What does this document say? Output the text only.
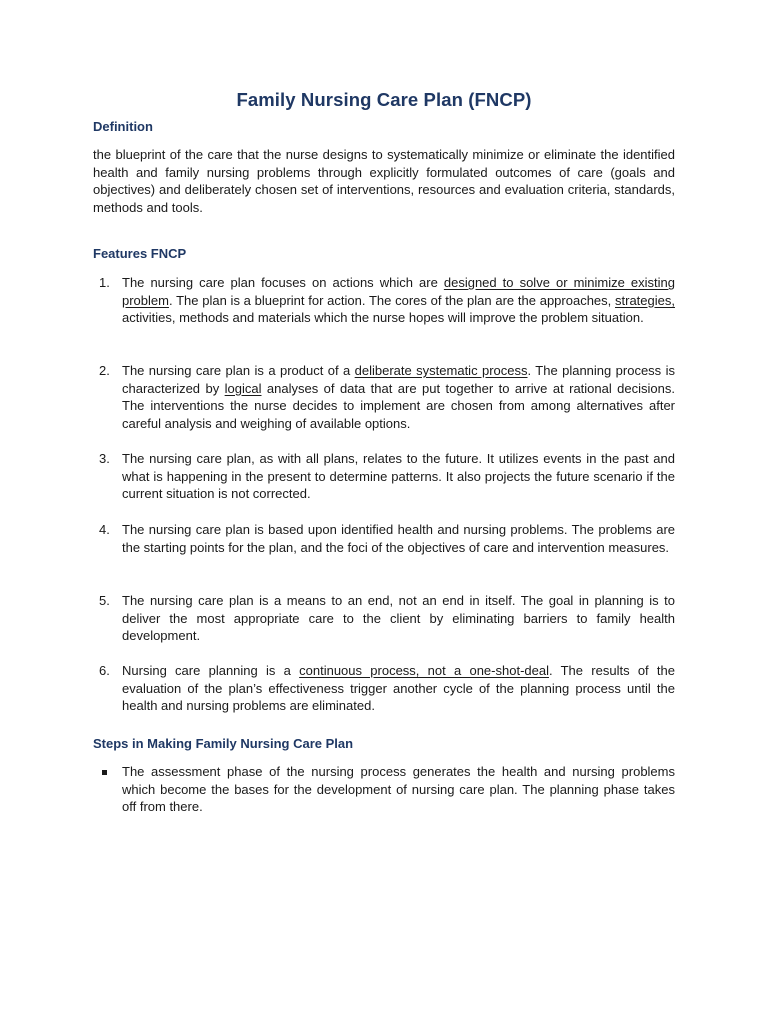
Family Nursing Care Plan (FNCP)
Definition
the blueprint of the care that the nurse designs to systematically minimize or eliminate the identified health and family nursing problems through explicitly formulated outcomes of care (goals and objectives) and deliberately chosen set of interventions, resources and evaluation criteria, standards, methods and tools.
Features FNCP
1. The nursing care plan focuses on actions which are designed to solve or minimize existing problem. The plan is a blueprint for action. The cores of the plan are the approaches, strategies, activities, methods and materials which the nurse hopes will improve the problem situation.
2. The nursing care plan is a product of a deliberate systematic process. The planning process is characterized by logical analyses of data that are put together to arrive at rational decisions. The interventions the nurse decides to implement are chosen from among alternatives after careful analysis and weighing of available options.
3. The nursing care plan, as with all plans, relates to the future. It utilizes events in the past and what is happening in the present to determine patterns. It also projects the future scenario if the current situation is not corrected.
4. The nursing care plan is based upon identified health and nursing problems. The problems are the starting points for the plan, and the foci of the objectives of care and intervention measures.
5. The nursing care plan is a means to an end, not an end in itself. The goal in planning is to deliver the most appropriate care to the client by eliminating barriers to family health development.
6. Nursing care planning is a continuous process, not a one-shot-deal. The results of the evaluation of the plan’s effectiveness trigger another cycle of the planning process until the health and nursing problems are eliminated.
Steps in Making Family Nursing Care Plan
The assessment phase of the nursing process generates the health and nursing problems which become the bases for the development of nursing care plan. The planning phase takes off from there.
